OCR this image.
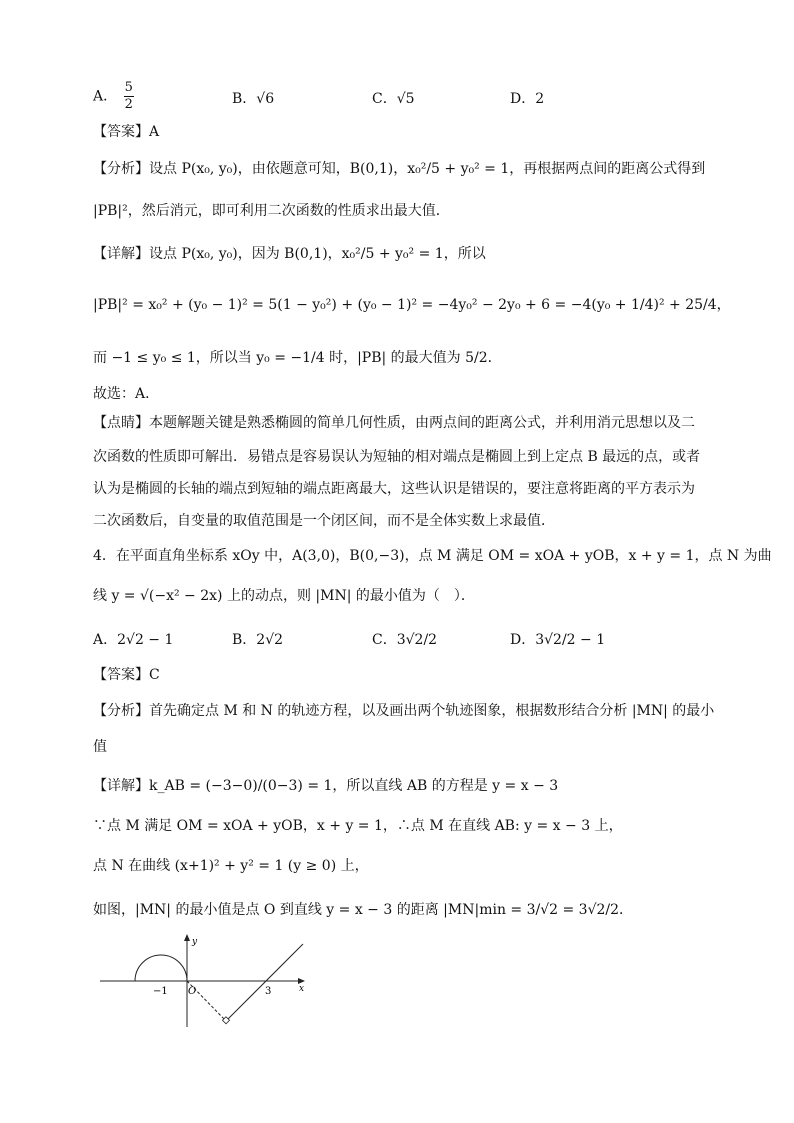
A． $\frac{5}{2}$	B．√6	C．√5	D．2
【答案】A
【分析】设点 P(x₀, y₀)，由依题意可知，B(0,1)，x₀²/5 + y₀² = 1，再根据两点间的距离公式得到
|PB|²，然后消元，即可利用二次函数的性质求出最大值．
【详解】设点 P(x₀, y₀)，因为 B(0,1)，x₀²/5 + y₀² = 1，所以
|PB|² = x₀² + (y₀ − 1)² = 5(1 − y₀²) + (y₀ − 1)² = −4y₀² − 2y₀ + 6 = −4(y₀ + 1/4)² + 25/4，
而 −1 ≤ y₀ ≤ 1，所以当 y₀ = −1/4 时，|PB| 的最大值为 5/2．
故选：A．
【点睛】本题解题关键是熟悉椭圆的简单几何性质，由两点间的距离公式，并利用消元思想以及二
次函数的性质即可解出．易错点是容易误认为短轴的相对端点是椭圆上到上定点 B 最远的点，或者
认为是椭圆的长轴的端点到短轴的端点距离最大，这些认识是错误的，要注意将距离的平方表示为
二次函数后，自变量的取值范围是一个闭区间，而不是全体实数上求最值．
4．在平面直角坐标系 xOy 中，A(3,0)，B(0,−3)，点 M 满足 OM = xOA + yOB，x + y = 1，点 N 为曲
线 y = √(−x² − 2x) 上的动点，则 |MN| 的最小值为（　）．
A．2√2 − 1	B．2√2	C．3√2/2	D．3√2/2 − 1
【答案】C
【分析】首先确定点 M 和 N 的轨迹方程，以及画出两个轨迹图象，根据数形结合分析 |MN| 的最小
值
【详解】k_AB = (−3−0)/(0−3) = 1，所以直线 AB 的方程是 y = x − 3
∵点 M 满足 OM = xOA + yOB，x + y = 1，∴点 M 在直线 AB: y = x − 3 上，
点 N 在曲线 (x+1)² + y² = 1 (y ≥ 0) 上，
如图，|MN| 的最小值是点 O 到直线 y = x − 3 的距离 |MN|min = 3/√2 = 3√2/2．
x
y
−1 O	3
